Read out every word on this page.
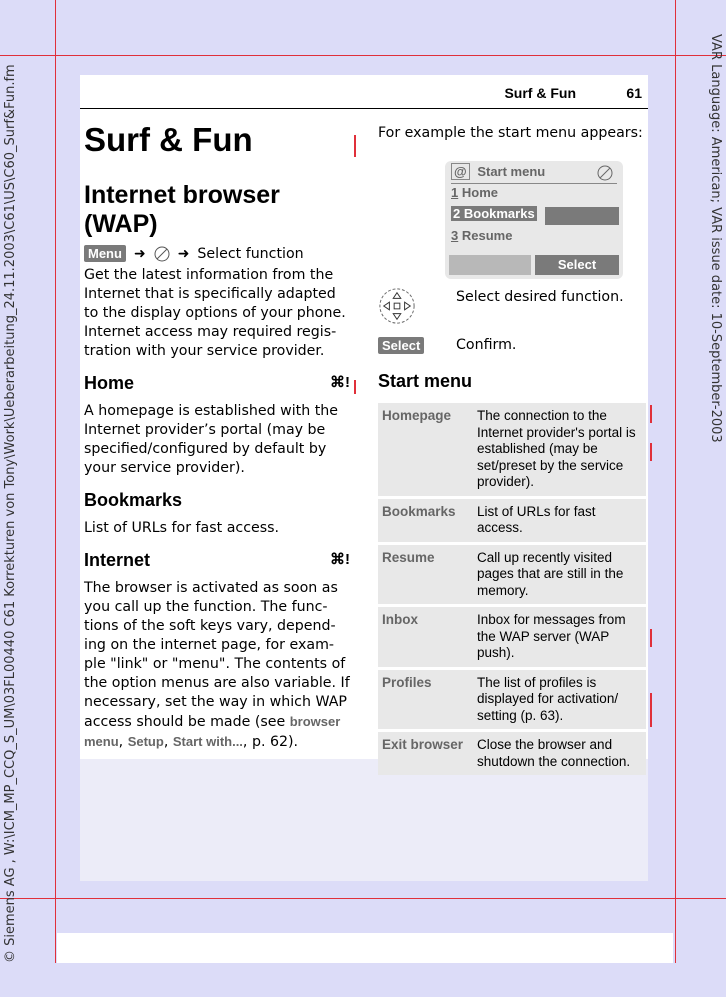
© Siemens AG , W:\ICM_MP_CCQ_S_UM\03FL00440 C61 Korrekturen von Tony\Work\Ueberarbeitung_24.11.2003\C61\US\C60_Surf&Fun.fm	VAR Language: American; VAR issue date: 10-September-2003
Surf & Fun	61
Surf & Fun
Internet browser (WAP)
Menu ➜ ➜ Select function

Get the latest information from the Internet that is specifically adapted to the display options of your phone. Internet access may required regis-tration with your service provider.

Home	⌘!

A homepage is established with the Internet provider’s portal (may be specified/configured by default by your service provider).

Bookmarks

List of URLs for fast access.

Internet	⌘!

The browser is activated as soon as you call up the function. The func-tions of the soft keys vary, depend-ing on the internet page, for exam-ple "link" or "menu". The contents of the option menus are also variable. If necessary, set the way in which WAP access should be made (see browser menu, Setup, Start with..., p. 62).

For example the start menu appears:
@ Start menu
1 Home
2 Bookmarks
3 Resume
Select
Select desired function.
Select	Confirm.
Start menu
Homepage	The connection to the Internet provider's portal is established (may be set/preset by the service provider).
Bookmarks	List of URLs for fast access.
Resume	Call up recently visited pages that are still in the memory.
Inbox	Inbox for messages from the WAP server (WAP push).
Profiles	The list of profiles is displayed for activation/ setting (p. 63).
Exit browser	Close the browser and shutdown the connection.
